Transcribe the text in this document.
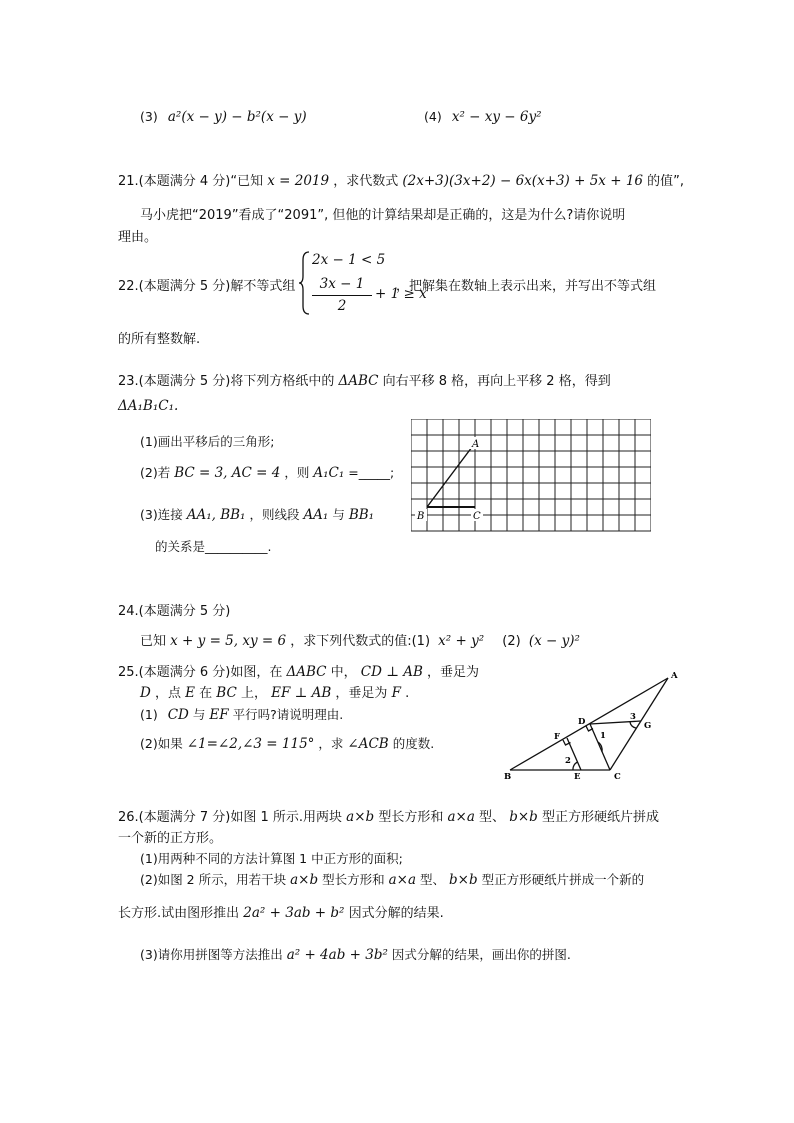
(3) a²(x − y) − b²(x − y)	(4) x² − xy − 6y²
21.(本题满分 4 分)“已知 x = 2019 ，求代数式 (2x+3)(3x+2) − 6x(x+3) + 5x + 16 的值”,
马小虎把“2019”看成了“2091”, 但他的计算结果却是正确的，这是为什么?请你说明
理由。
22.(本题满分 5 分)解不等式组
2x − 1 < 5
3x − 1
2
+ 1 ≥ x
，把解集在数轴上表示出来，并写出不等式组
的所有整数解.
23.(本题满分 5 分)将下列方格纸中的 ΔABC 向右平移 8 格，再向上平移 2 格，得到
ΔA₁B₁C₁.
(1)画出平移后的三角形;
(2)若 BC = 3, AC = 4 ，则 A₁C₁ =_____;
(3)连接 AA₁, BB₁ ，则线段 AA₁ 与 BB₁
的关系是__________.
A
B	C
24.(本题满分 5 分)
已知 x + y = 5, xy = 6 ，求下列代数式的值:(1) x² + y² (2) (x − y)²
25.(本题满分 6 分)如图，在 ΔABC 中， CD ⊥ AB ，垂足为
D ，点 E 在 BC 上， EF ⊥ AB ，垂足为 F .
(1) CD 与 EF 平行吗?请说明理由.
(2)如果 ∠1=∠2,∠3 = 115° ，求 ∠ACB 的度数.
A
B	C
D
E
F
G
1
2
3
26.(本题满分 7 分)如图 1 所示.用两块 a×b 型长方形和 a×a 型、 b×b 型正方形硬纸片拼成
一个新的正方形。
(1)用两种不同的方法计算图 1 中正方形的面积;
(2)如图 2 所示，用若干块 a×b 型长方形和 a×a 型、 b×b 型正方形硬纸片拼成一个新的
长方形.试由图形推出 2a² + 3ab + b² 因式分解的结果.
(3)请你用拼图等方法推出 a² + 4ab + 3b² 因式分解的结果，画出你的拼图.
